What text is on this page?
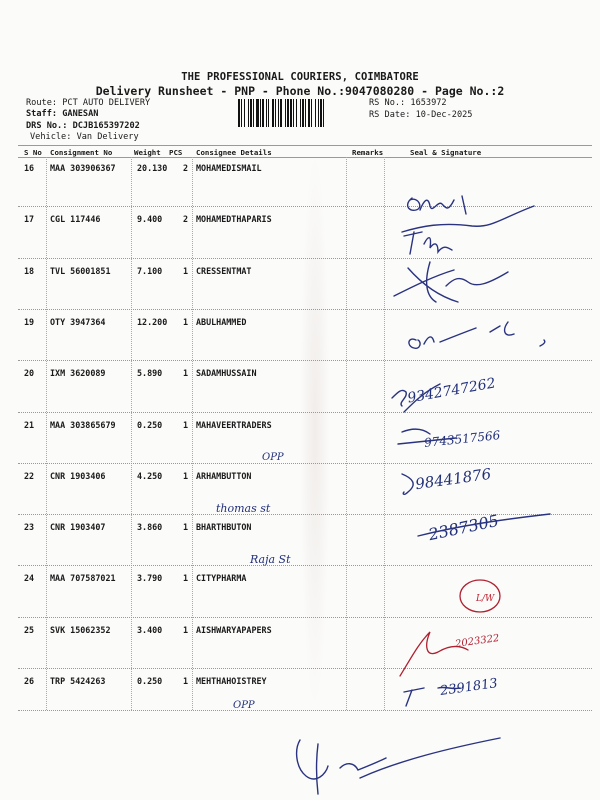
THE PROFESSIONAL COURIERS, COIMBATORE
Delivery Runsheet - PNP - Phone No.:9047080280 - Page No.:2
Route: PCT AUTO DELIVERY
Staff: GANESAN
DRS No.: DCJB165397202
Vehicle: Van Delivery
RS No.: 1653972
RS Date: 10-Dec-2025
S No Consignment No	Weight PCS Consignee Details	Remarks	Seal & Signature
16 MAA 303906367	20.130 2 MOHAMEDISMAIL
17 CGL 117446	9.400 2 MOHAMEDTHAPARIS
18 TVL 56001851	7.100 1 CRESSENTMAT
19 OTY 3947364	12.200 1 ABULHAMMED
20 IXM 3620089	5.890 1 SADAMHUSSAIN
21 MAA 303865679	0.250 1 MAHAVEERTRADERS
22 CNR 1903406	4.250 1 ARHAMBUTTON
23 CNR 1903407	3.860 1 BHARTHBUTON
24 MAA 707587021	3.790 1 CITYPHARMA
25 SVK 15062352	3.400 1 AISHWARYAPAPERS
26 TRP 5424263	0.250 1 MEHTHAHOISTREY
OPP
thomas st
Raja St
OPP
9342747262
9743517566
98441876
2387305
2023322
2391813
L/W
